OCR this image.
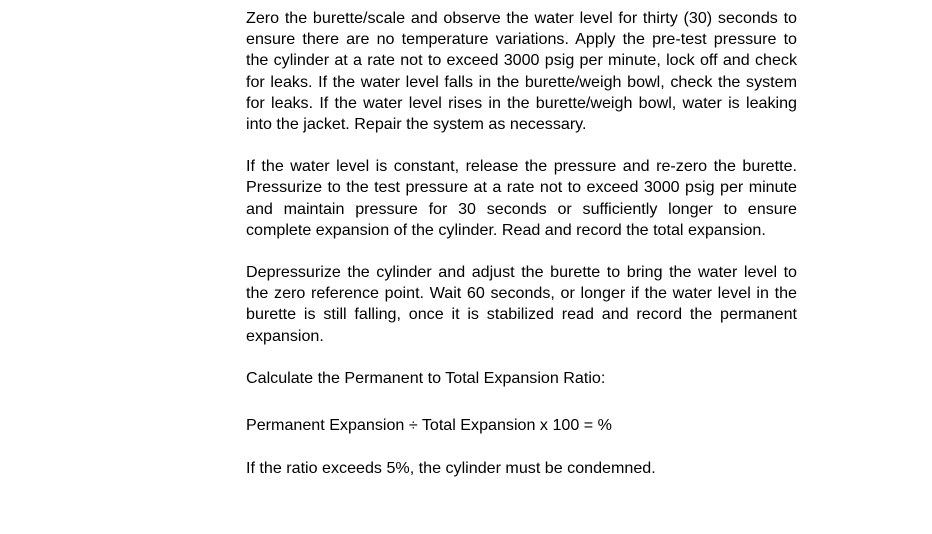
Zero the burette/scale and observe the water level for thirty (30) seconds to ensure there are no temperature variations. Apply the pre-test pressure to the cylinder at a rate not to exceed 3000 psig per minute, lock off and check for leaks. If the water level falls in the burette/weigh bowl, check the system for leaks. If the water level rises in the burette/weigh bowl, water is leaking into the jacket. Repair the system as necessary.

If the water level is constant, release the pressure and re-zero the burette. Pressurize to the test pressure at a rate not to exceed 3000 psig per minute and maintain pressure for 30 seconds or sufficiently longer to ensure complete expansion of the cylinder. Read and record the total expansion.

Depressurize the cylinder and adjust the burette to bring the water level to the zero reference point. Wait 60 seconds, or longer if the water level in the burette is still falling, once it is stabilized read and record the permanent expansion.

Calculate the Permanent to Total Expansion Ratio:

Permanent Expansion ÷ Total Expansion x 100 = %

If the ratio exceeds 5%, the cylinder must be condemned.
